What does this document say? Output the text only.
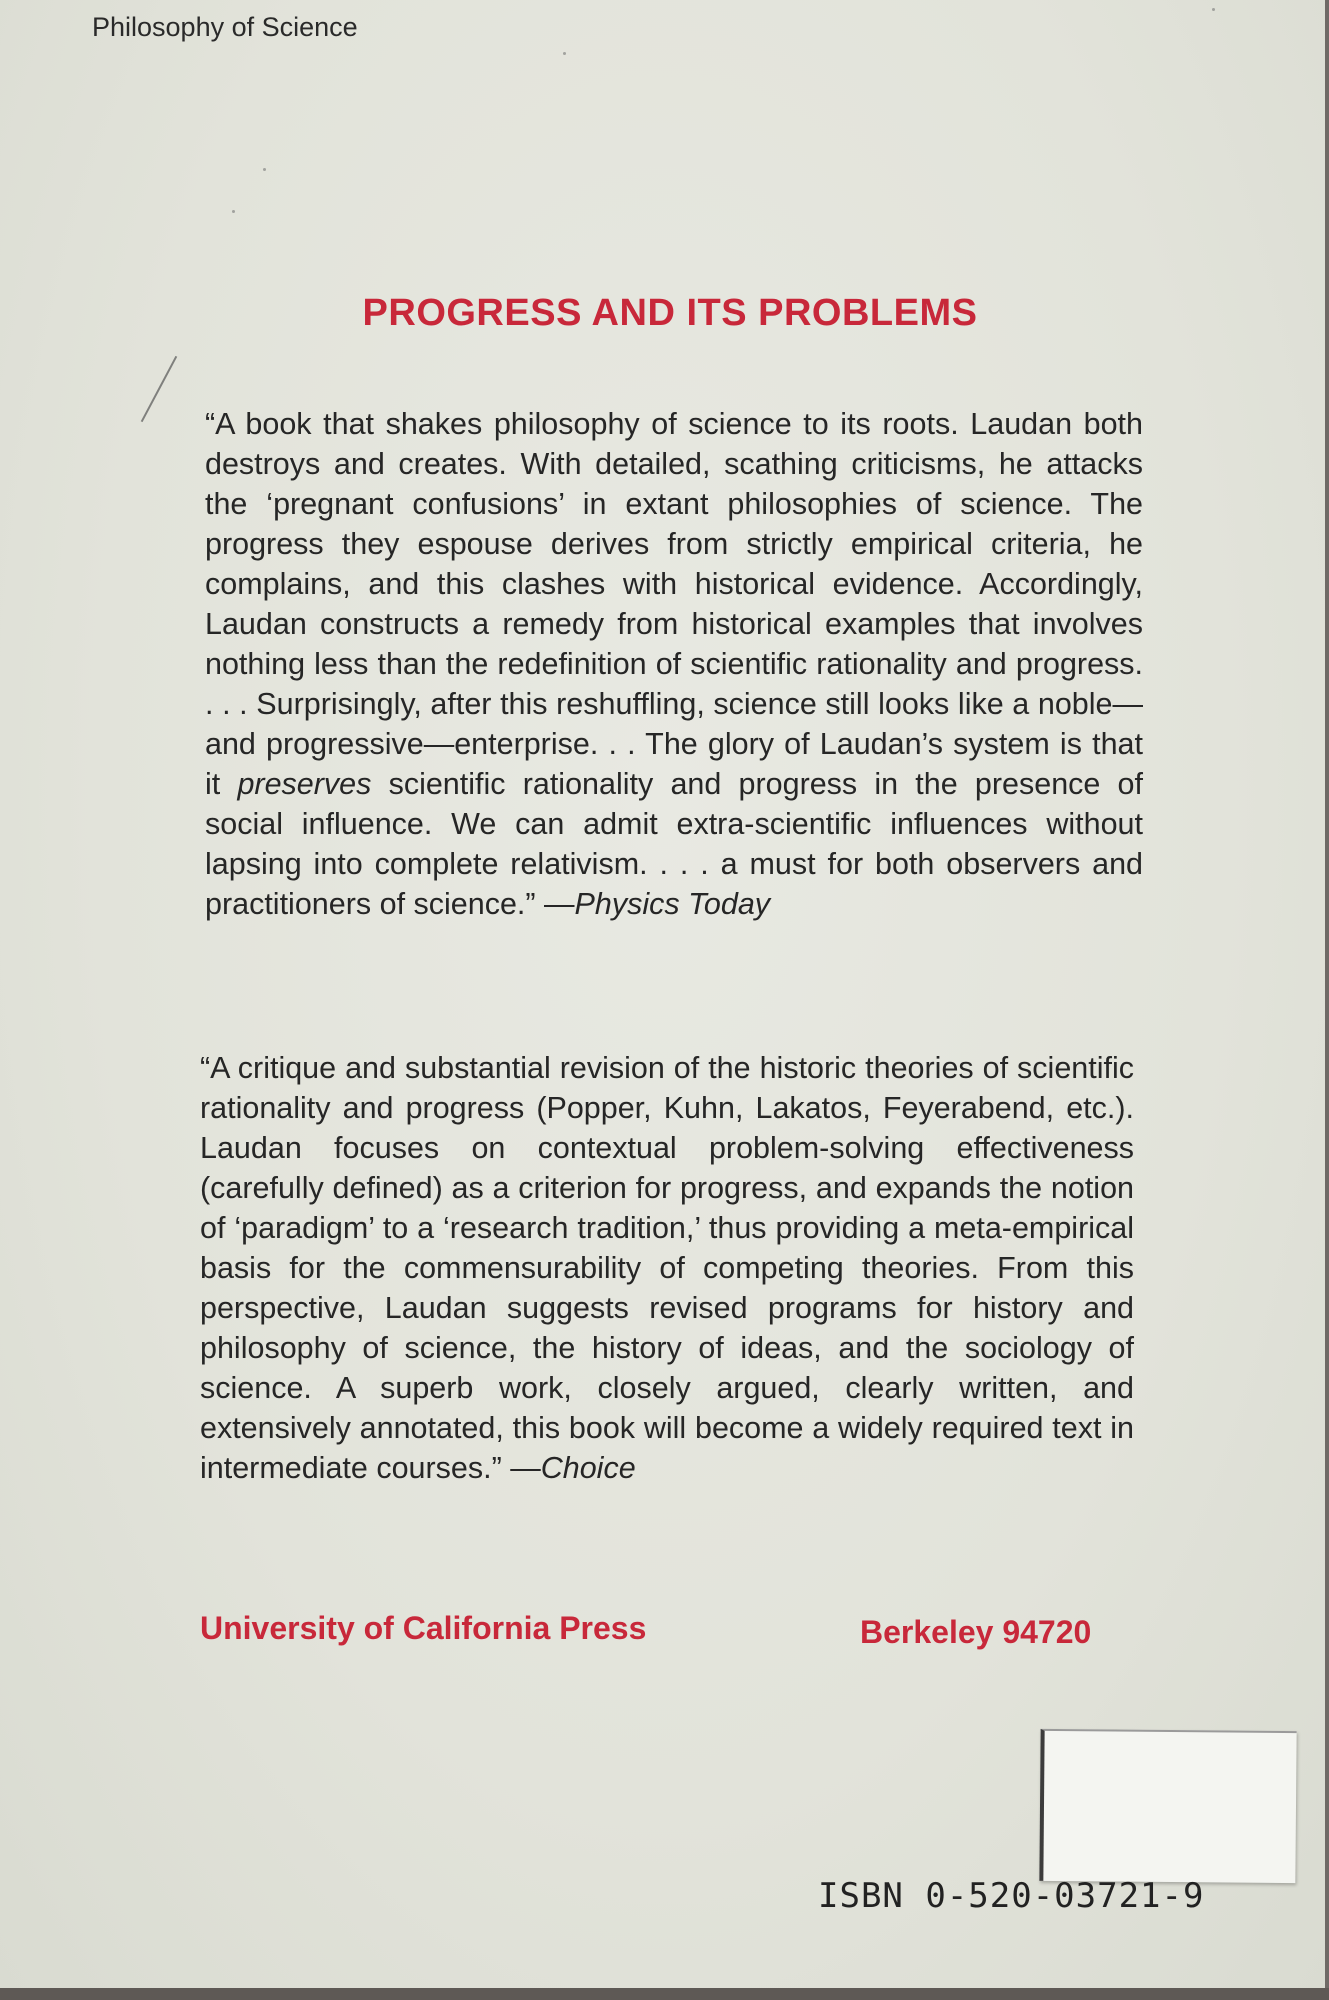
Philosophy of Science

PROGRESS AND ITS PROBLEMS

“A book that shakes philosophy of science to its roots. Laudan both destroys and creates. With detailed, scathing criticisms, he attacks the ‘pregnant confusions’ in extant philosophies of science. The progress they espouse derives from strictly empirical criteria, he complains, and this clashes with historical evidence. Accordingly, Laudan constructs a remedy from historical examples that involves nothing less than the redefinition of scientific rationality and progress. . . . Surprisingly, after this reshuffling, science still looks like a noble—and progressive—enterprise. . . The glory of Laudan’s system is that it preserves scientific rationality and progress in the presence of social influence. We can admit extra-scientific influences without lapsing into complete relativism. . . . a must for both observers and practitioners of science.” —Physics Today

“A critique and substantial revision of the historic theories of scientific rationality and progress (Popper, Kuhn, Lakatos, Feyerabend, etc.). Laudan focuses on contextual problem-solving effectiveness (carefully defined) as a criterion for progress, and expands the notion of ‘paradigm’ to a ‘research tradition,’ thus providing a meta-empirical basis for the commensurability of competing theories. From this perspective, Laudan suggests revised programs for history and philosophy of science, the history of ideas, and the sociology of science. A superb work, closely argued, clearly written, and extensively annotated, this book will become a widely required text in intermediate courses.” —Choice

University of California Press	Berkeley 94720

ISBN 0-520-03721-9
